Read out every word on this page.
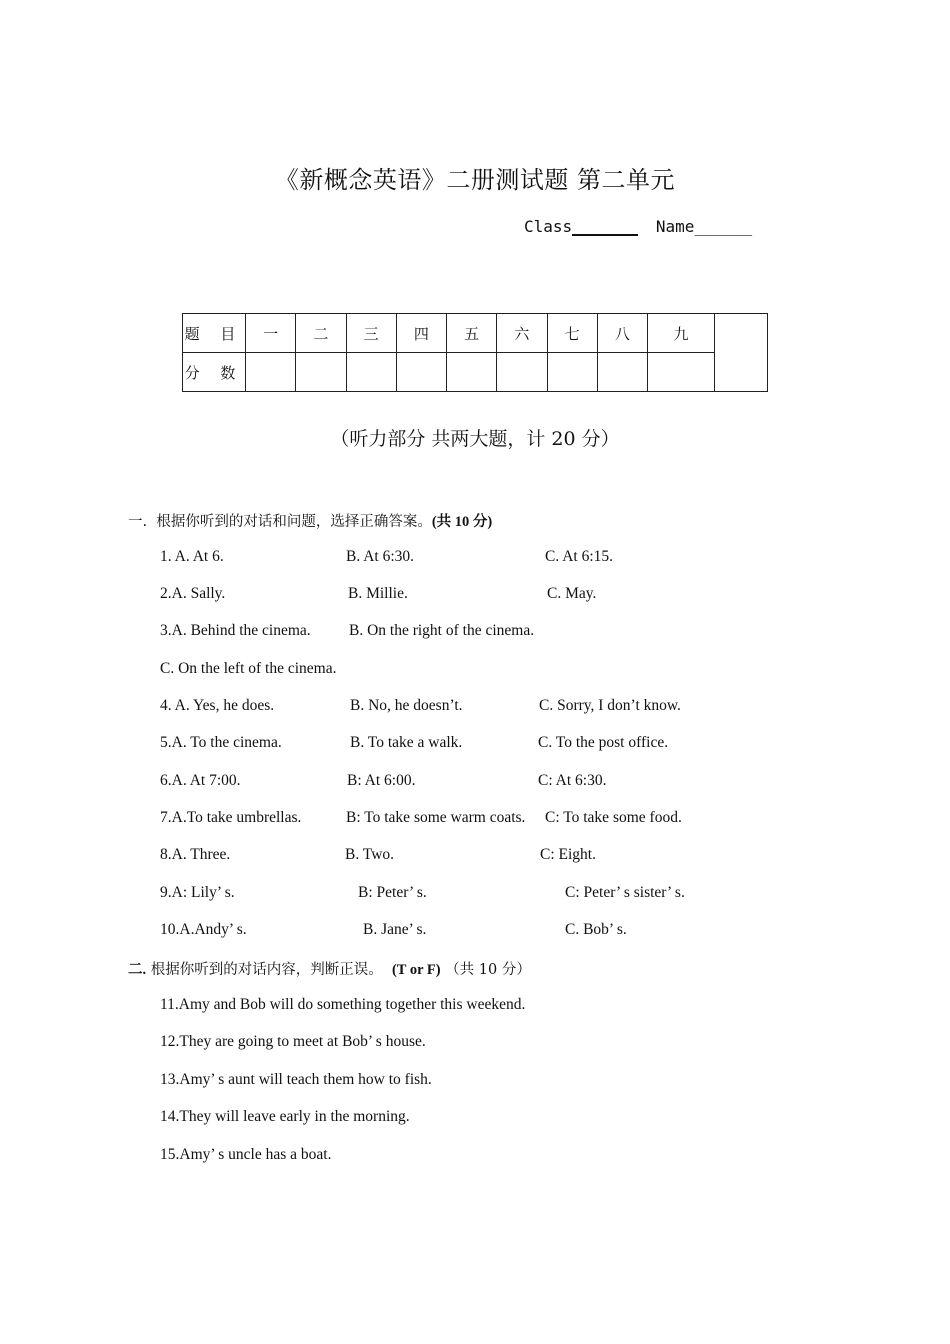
《新概念英语》二册测试题 第二单元
Class	Name______
题 目	一	二	三	四	五	六	七	八	九	
分 数										
（听力部分 共两大题，计 20 分）
一. 根据你听到的对话和问题，选择正确答案。(共 10 分)
1. A. At 6.	B. At 6:30.	C. At 6:15.
2.A. Sally.	B. Millie.	C. May.
3.A. Behind the cinema. B. On the right of the cinema.
C. On the left of the cinema.
4. A. Yes, he does.	B. No, he doesn’t.	C. Sorry, I don’t know.
5.A. To the cinema.	B. To take a walk.	C. To the post office.
6.A. At 7:00.	B: At 6:00.	C: At 6:30.
7.A.To take umbrellas.	B: To take some warm coats. C: To take some food.
8.A. Three.	B. Two.	C: Eight.
9.A: Lily’ s.	B: Peter’ s.	C: Peter’ s sister’ s.
10.A.Andy’ s.	B. Jane’ s.	C. Bob’ s.
二. 根据你听到的对话内容，判断正误。 (T or F) （共 10 分）
11.Amy and Bob will do something together this weekend.
12.They are going to meet at Bob’ s house.
13.Amy’ s aunt will teach them how to fish.
14.They will leave early in the morning.
15.Amy’ s uncle has a boat.
